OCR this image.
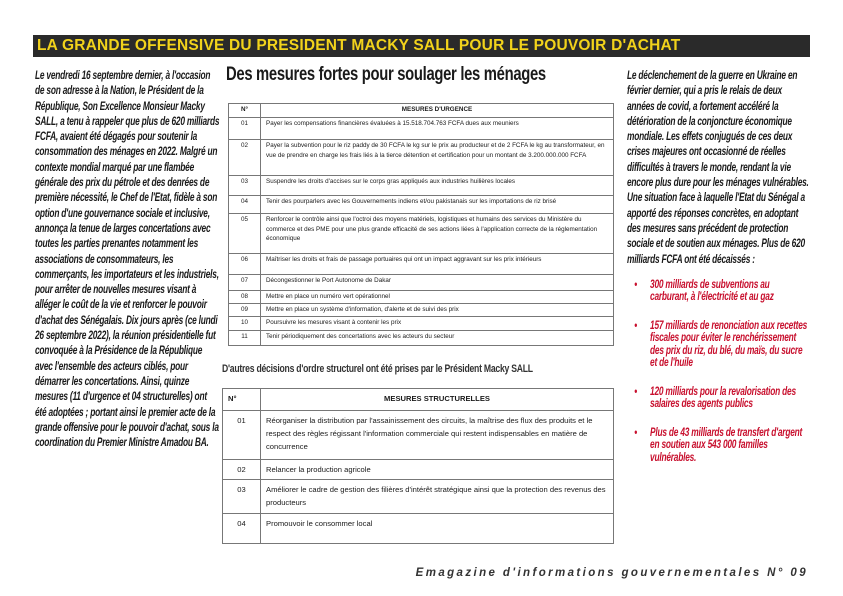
LA GRANDE OFFENSIVE DU PRESIDENT MACKY SALL POUR LE POUVOIR D'ACHAT
Le vendredi 16 septembre dernier, à l'occasion de son adresse à la Nation, le Président de la République, Son Excellence Monsieur Macky SALL, a tenu à rappeler que plus de 620 milliards FCFA, avaient été dégagés pour soutenir la consommation des ménages en 2022. Malgré un contexte mondial marqué par une flambée générale des prix du pétrole et des denrées de première nécessité, le Chef de l'Etat, fidèle à son option d'une gouvernance sociale et inclusive, annonça la tenue de larges concertations avec toutes les parties prenantes notamment les associations de consommateurs, les commerçants, les importateurs et les industriels, pour arrêter de nouvelles mesures visant à alléger le coût de la vie et renforcer le pouvoir d'achat des Sénégalais. Dix jours après (ce lundi 26 septembre 2022), la réunion présidentielle fut convoquée à la Présidence de la République avec l'ensemble des acteurs ciblés, pour démarrer les concertations. Ainsi, quinze mesures (11 d'urgence et 04 structurelles) ont été adoptées ; portant ainsi le premier acte de la grande offensive pour le pouvoir d'achat, sous la coordination du Premier Ministre Amadou BA.
Des mesures fortes pour soulager les ménages
N°	MESURES D'URGENCE
01	Payer les compensations financières évaluées à 15.518.704.763 FCFA dues aux meuniers
02	Payer la subvention pour le riz paddy de 30 FCFA le kg sur le prix au producteur et de 2 FCFA le kg au transformateur, en vue de prendre en charge les frais liés à la tierce détention et certification pour un montant de 3.200.000.000 FCFA
03	Suspendre les droits d'accises sur le corps gras appliqués aux industries huilières locales
04	Tenir des pourparlers avec les Gouvernements indiens et/ou pakistanais sur les importations de riz brisé
05	Renforcer le contrôle ainsi que l'octroi des moyens matériels, logistiques et humains des services du Ministère du commerce et des PME pour une plus grande efficacité de ses actions liées à l'application correcte de la réglementation économique
06	Maîtriser les droits et frais de passage portuaires qui ont un impact aggravant sur les prix intérieurs
07	Décongestionner le Port Autonome de Dakar
08	Mettre en place un numéro vert opérationnel
09	Mettre en place un système d'information, d'alerte et de suivi des prix
10	Poursuivre les mesures visant à contenir les prix
11	Tenir périodiquement des concertations avec les acteurs du secteur
D'autres décisions d'ordre structurel ont été prises par le Président Macky SALL
N°	MESURES STRUCTURELLES
01	Réorganiser la distribution par l'assainissement des circuits, la maîtrise des flux des produits et le respect des règles régissant l'information commerciale qui restent indispensables en matière de concurrence
02	Relancer la production agricole
03	Améliorer le cadre de gestion des filières d'intérêt stratégique ainsi que la protection des revenus des producteurs
04	Promouvoir le consommer local
Le déclenchement de la guerre en Ukraine en février dernier, qui a pris le relais de deux années de covid, a fortement accéléré la détérioration de la conjoncture économique mondiale. Les effets conjugués de ces deux crises majeures ont occasionné de réelles difficultés à travers le monde, rendant la vie encore plus dure pour les ménages vulnérables. Une situation face à laquelle l'Etat du Sénégal a apporté des réponses concrètes, en adoptant des mesures sans précédent de protection sociale et de soutien aux ménages. Plus de 620 milliards FCFA ont été décaissés :
• 300 milliards de subventions au carburant, à l'électricité et au gaz
• 157 milliards de renonciation aux recettes fiscales pour éviter le renchérissement des prix du riz, du blé, du maïs, du sucre et de l'huile
• 120 milliards pour la revalorisation des salaires des agents publics
• Plus de 43 milliards de transfert d'argent en soutien aux 543 000 familles vulnérables.
Emagazine d'informations gouvernementales N° 09
